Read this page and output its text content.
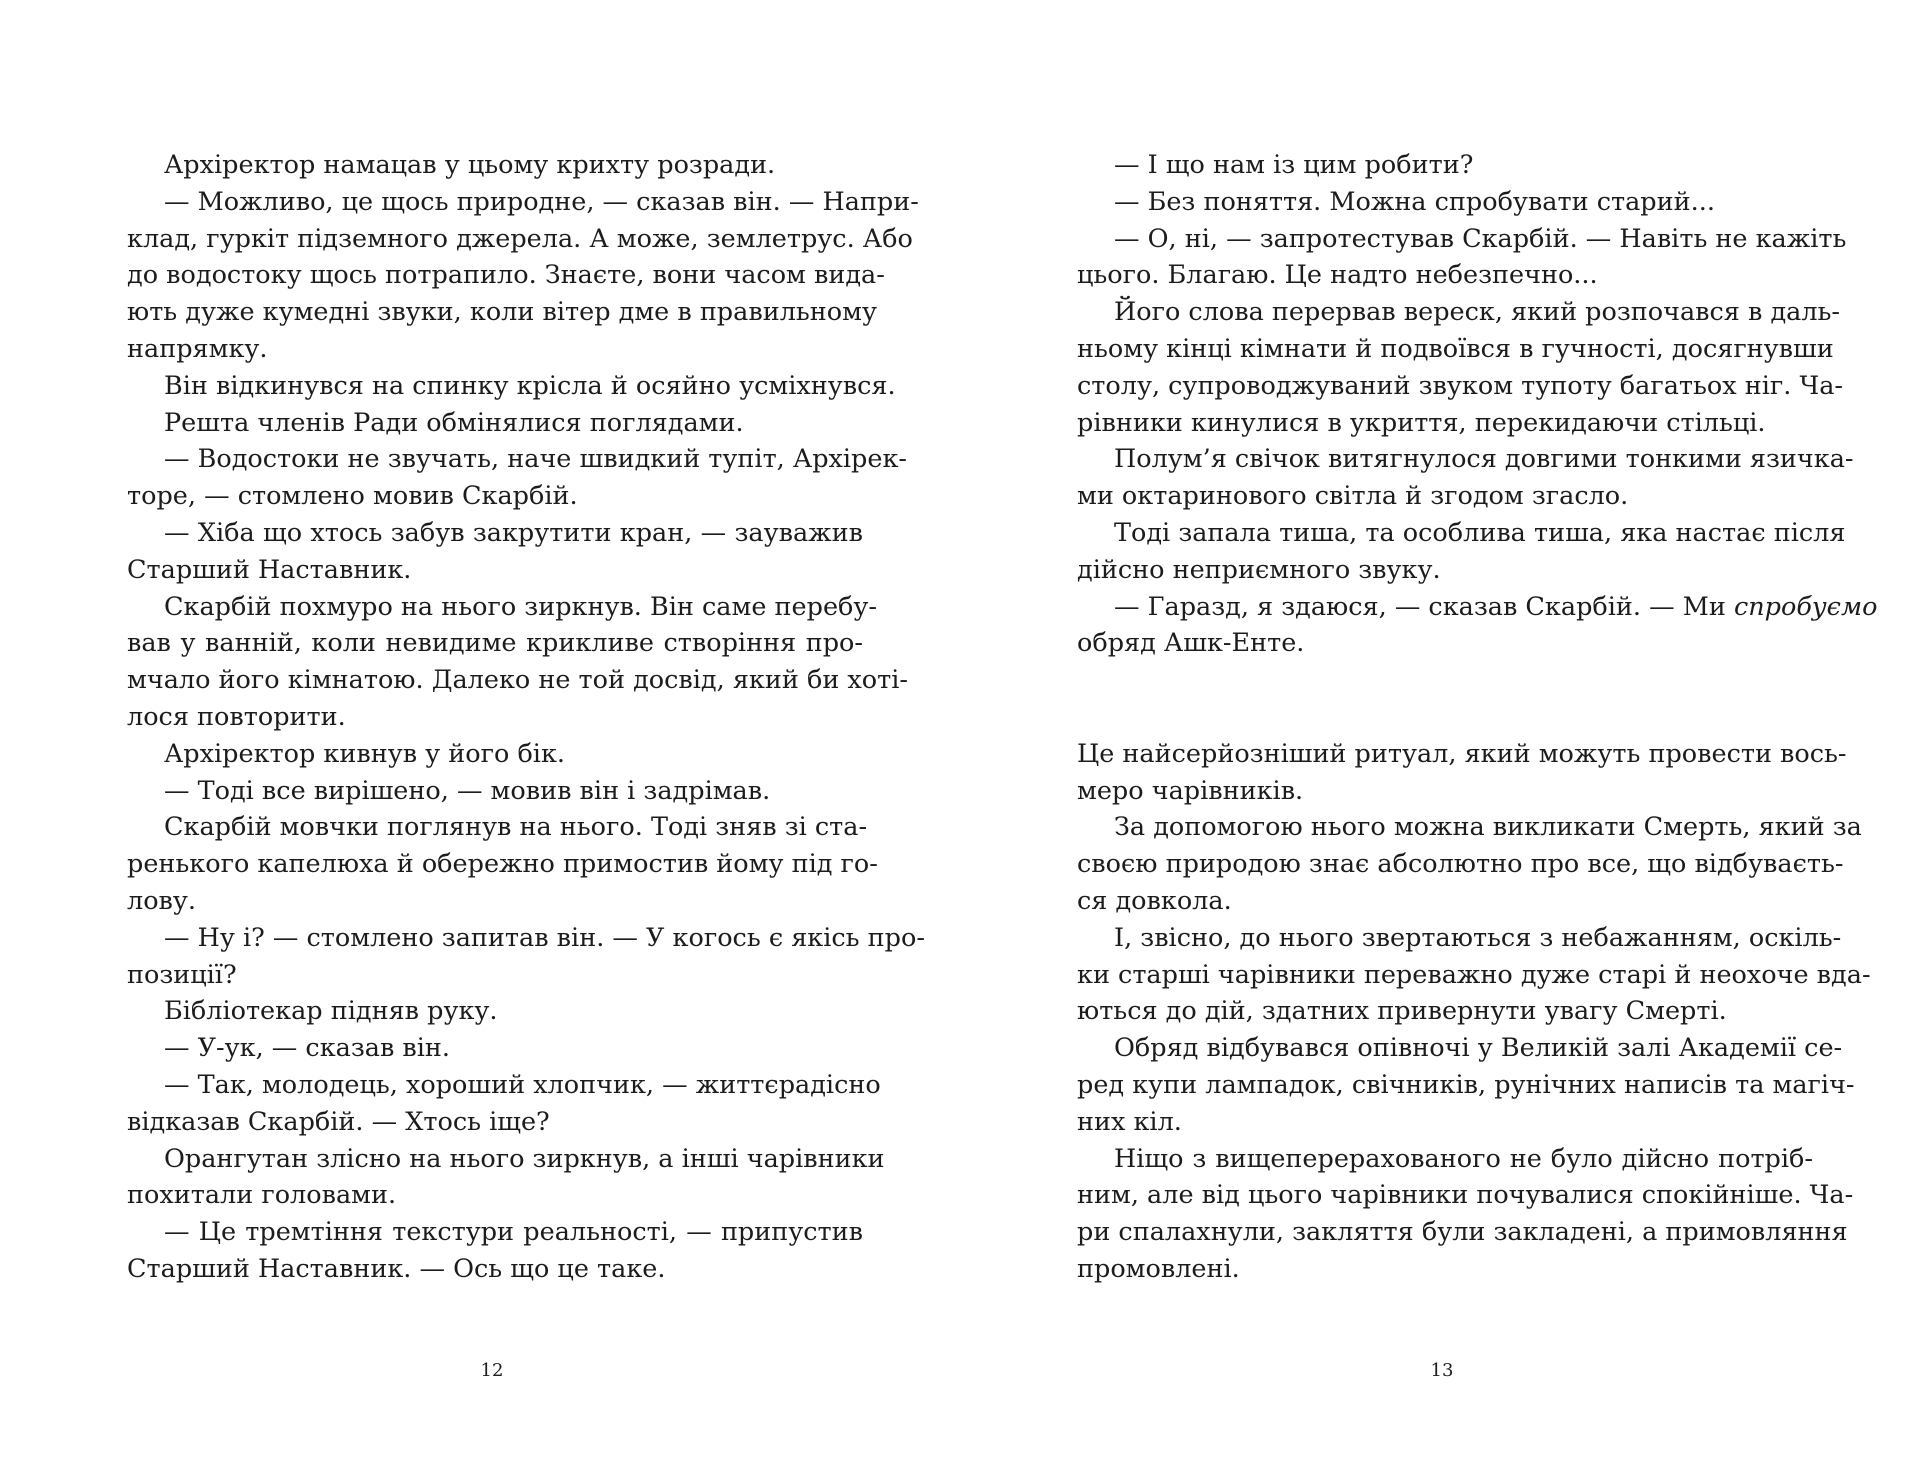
Архіректор намацав у цьому крихту розради.
— Можливо, це щось природне, — сказав він. — Напри-
клад, гуркіт підземного джерела. А може, землетрус. Або
до водостоку щось потрапило. Знаєте, вони часом вида-
ють дуже кумедні звуки, коли вітер дме в правильному
напрямку.
Він відкинувся на спинку крісла й осяйно усміхнувся.
Решта членів Ради обмінялися поглядами.
— Водостоки не звучать, наче швидкий тупіт, Архірек-
торе, — стомлено мовив Скарбій.
— Хіба що хтось забув закрутити кран, — зауважив
Старший Наставник.
Скарбій похмуро на нього зиркнув. Він саме перебу-
вав у ванній, коли невидиме крикливе створіння про-
мчало його кімнатою. Далеко не той досвід, який би хоті-
лося повторити.
Архіректор кивнув у його бік.
— Тоді все вирішено, — мовив він і задрімав.
Скарбій мовчки поглянув на нього. Тоді зняв зі ста-
ренького капелюха й обережно примостив йому під го-
лову.
— Ну і? — стомлено запитав він. — У когось є якісь про-
позиції?
Бібліотекар підняв руку.
— У-ук, — сказав він.
— Так, молодець, хороший хлопчик, — життєрадісно
відказав Скарбій. — Хтось іще?
Орангутан злісно на нього зиркнув, а інші чарівники
похитали головами.
— Це тремтіння текстури реальності, — припустив
Старший Наставник. — Ось що це таке.
— І що нам із цим робити?
— Без поняття. Можна спробувати старий...
— О, ні, — запротестував Скарбій. — Навіть не кажіть
цього. Благаю. Це надто небезпечно...
Його слова перервав вереск, який розпочався в даль-
ньому кінці кімнати й подвоївся в гучності, досягнувши
столу, супроводжуваний звуком тупоту багатьох ніг. Ча-
рівники кинулися в укриття, перекидаючи стільці.
Полум’я свічок витягнулося довгими тонкими язичка-
ми октаринового світла й згодом згасло.
Тоді запала тиша, та особлива тиша, яка настає після
дійсно неприємного звуку.
— Гаразд, я здаюся, — сказав Скарбій. — Ми спробуємо
обряд Ашк-Енте.
Це найсерйозніший ритуал, який можуть провести вось-
меро чарівників.
За допомогою нього можна викликати Смерть, який за
своєю природою знає абсолютно про все, що відбуваєть-
ся довкола.
І, звісно, до нього звертаються з небажанням, оскіль-
ки старші чарівники переважно дуже старі й неохоче вда-
ються до дій, здатних привернути увагу Смерті.
Обряд відбувався опівночі у Великій залі Академії се-
ред купи лампадок, свічників, рунічних написів та магіч-
них кіл.
Ніщо з вищеперерахованого не було дійсно потріб-
ним, але від цього чарівники почувалися спокійніше. Ча-
ри спалахнули, закляття були закладені, а примовляння
промовлені.
12	13
